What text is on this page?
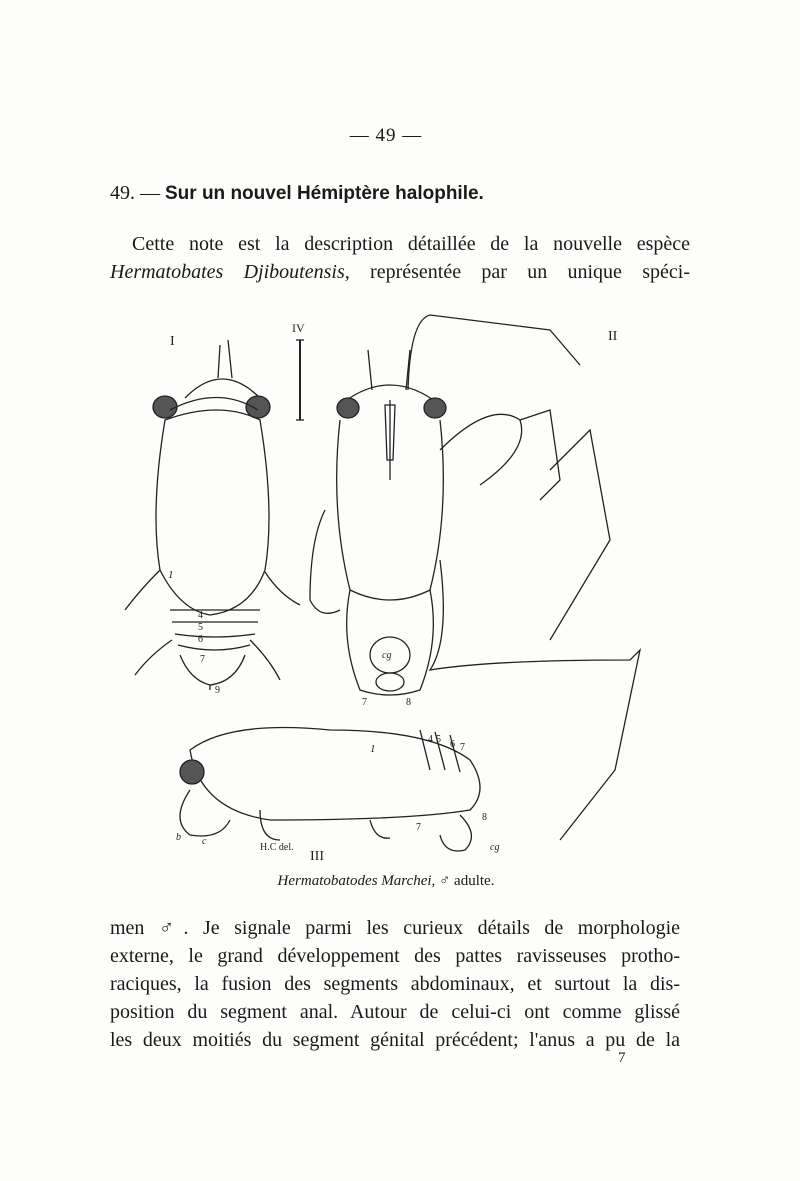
— 49 —
49. — Sur un nouvel Hémiptère halophile.
Cette note est la description détaillée de la nouvelle espèce
Hermatobates Djiboutensis, représentée par un unique spéci-
I	II
III
IV
1
4
5
6
7
9
cg
7	8
1
4 5 6 7
7
8
cg
b c
H.C del.
Hermatobatodes Marchei, ♂ adulte.
men ♂. Je signale parmi les curieux détails de morphologie
externe, le grand développement des pattes ravisseuses protho-
raciques, la fusion des segments abdominaux, et surtout la dis-
position du segment anal. Autour de celui-ci ont comme glissé
les deux moitiés du segment génital précédent; l'anus a pu de la
7
